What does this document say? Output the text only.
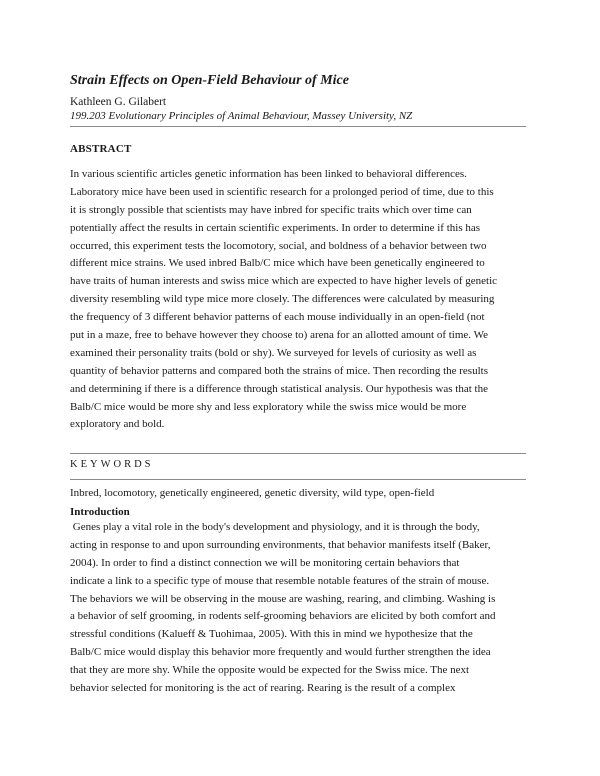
Strain Effects on Open-Field Behaviour of Mice
Kathleen G. Gilabert
199.203 Evolutionary Principles of Animal Behaviour, Massey University, NZ
ABSTRACT
In various scientific articles genetic information has been linked to behavioral differences.
Laboratory mice have been used in scientific research for a prolonged period of time, due to this
it is strongly possible that scientists may have inbred for specific traits which over time can
potentially affect the results in certain scientific experiments. In order to determine if this has
occurred, this experiment tests the locomotory, social, and boldness of a behavior between two
different mice strains. We used inbred Balb/C mice which have been genetically engineered to
have traits of human interests and swiss mice which are expected to have higher levels of genetic
diversity resembling wild type mice more closely. The differences were calculated by measuring
the frequency of 3 different behavior patterns of each mouse individually in an open-field (not
put in a maze, free to behave however they choose to) arena for an allotted amount of time. We
examined their personality traits (bold or shy). We surveyed for levels of curiosity as well as
quantity of behavior patterns and compared both the strains of mice. Then recording the results
and determining if there is a difference through statistical analysis. Our hypothesis was that the
Balb/C mice would be more shy and less exploratory while the swiss mice would be more
exploratory and bold.
KEYWORDS
Inbred, locomotory, genetically engineered, genetic diversity, wild type, open-field
Introduction
Genes play a vital role in the body's development and physiology, and it is through the body,
acting in response to and upon surrounding environments, that behavior manifests itself (Baker,
2004). In order to find a distinct connection we will be monitoring certain behaviors that
indicate a link to a specific type of mouse that resemble notable features of the strain of mouse.
The behaviors we will be observing in the mouse are washing, rearing, and climbing. Washing is
a behavior of self grooming, in rodents self-grooming behaviors are elicited by both comfort and
stressful conditions (Kalueff & Tuohimaa, 2005). With this in mind we hypothesize that the
Balb/C mice would display this behavior more frequently and would further strengthen the idea
that they are more shy. While the opposite would be expected for the Swiss mice. The next
behavior selected for monitoring is the act of rearing. Rearing is the result of a complex
